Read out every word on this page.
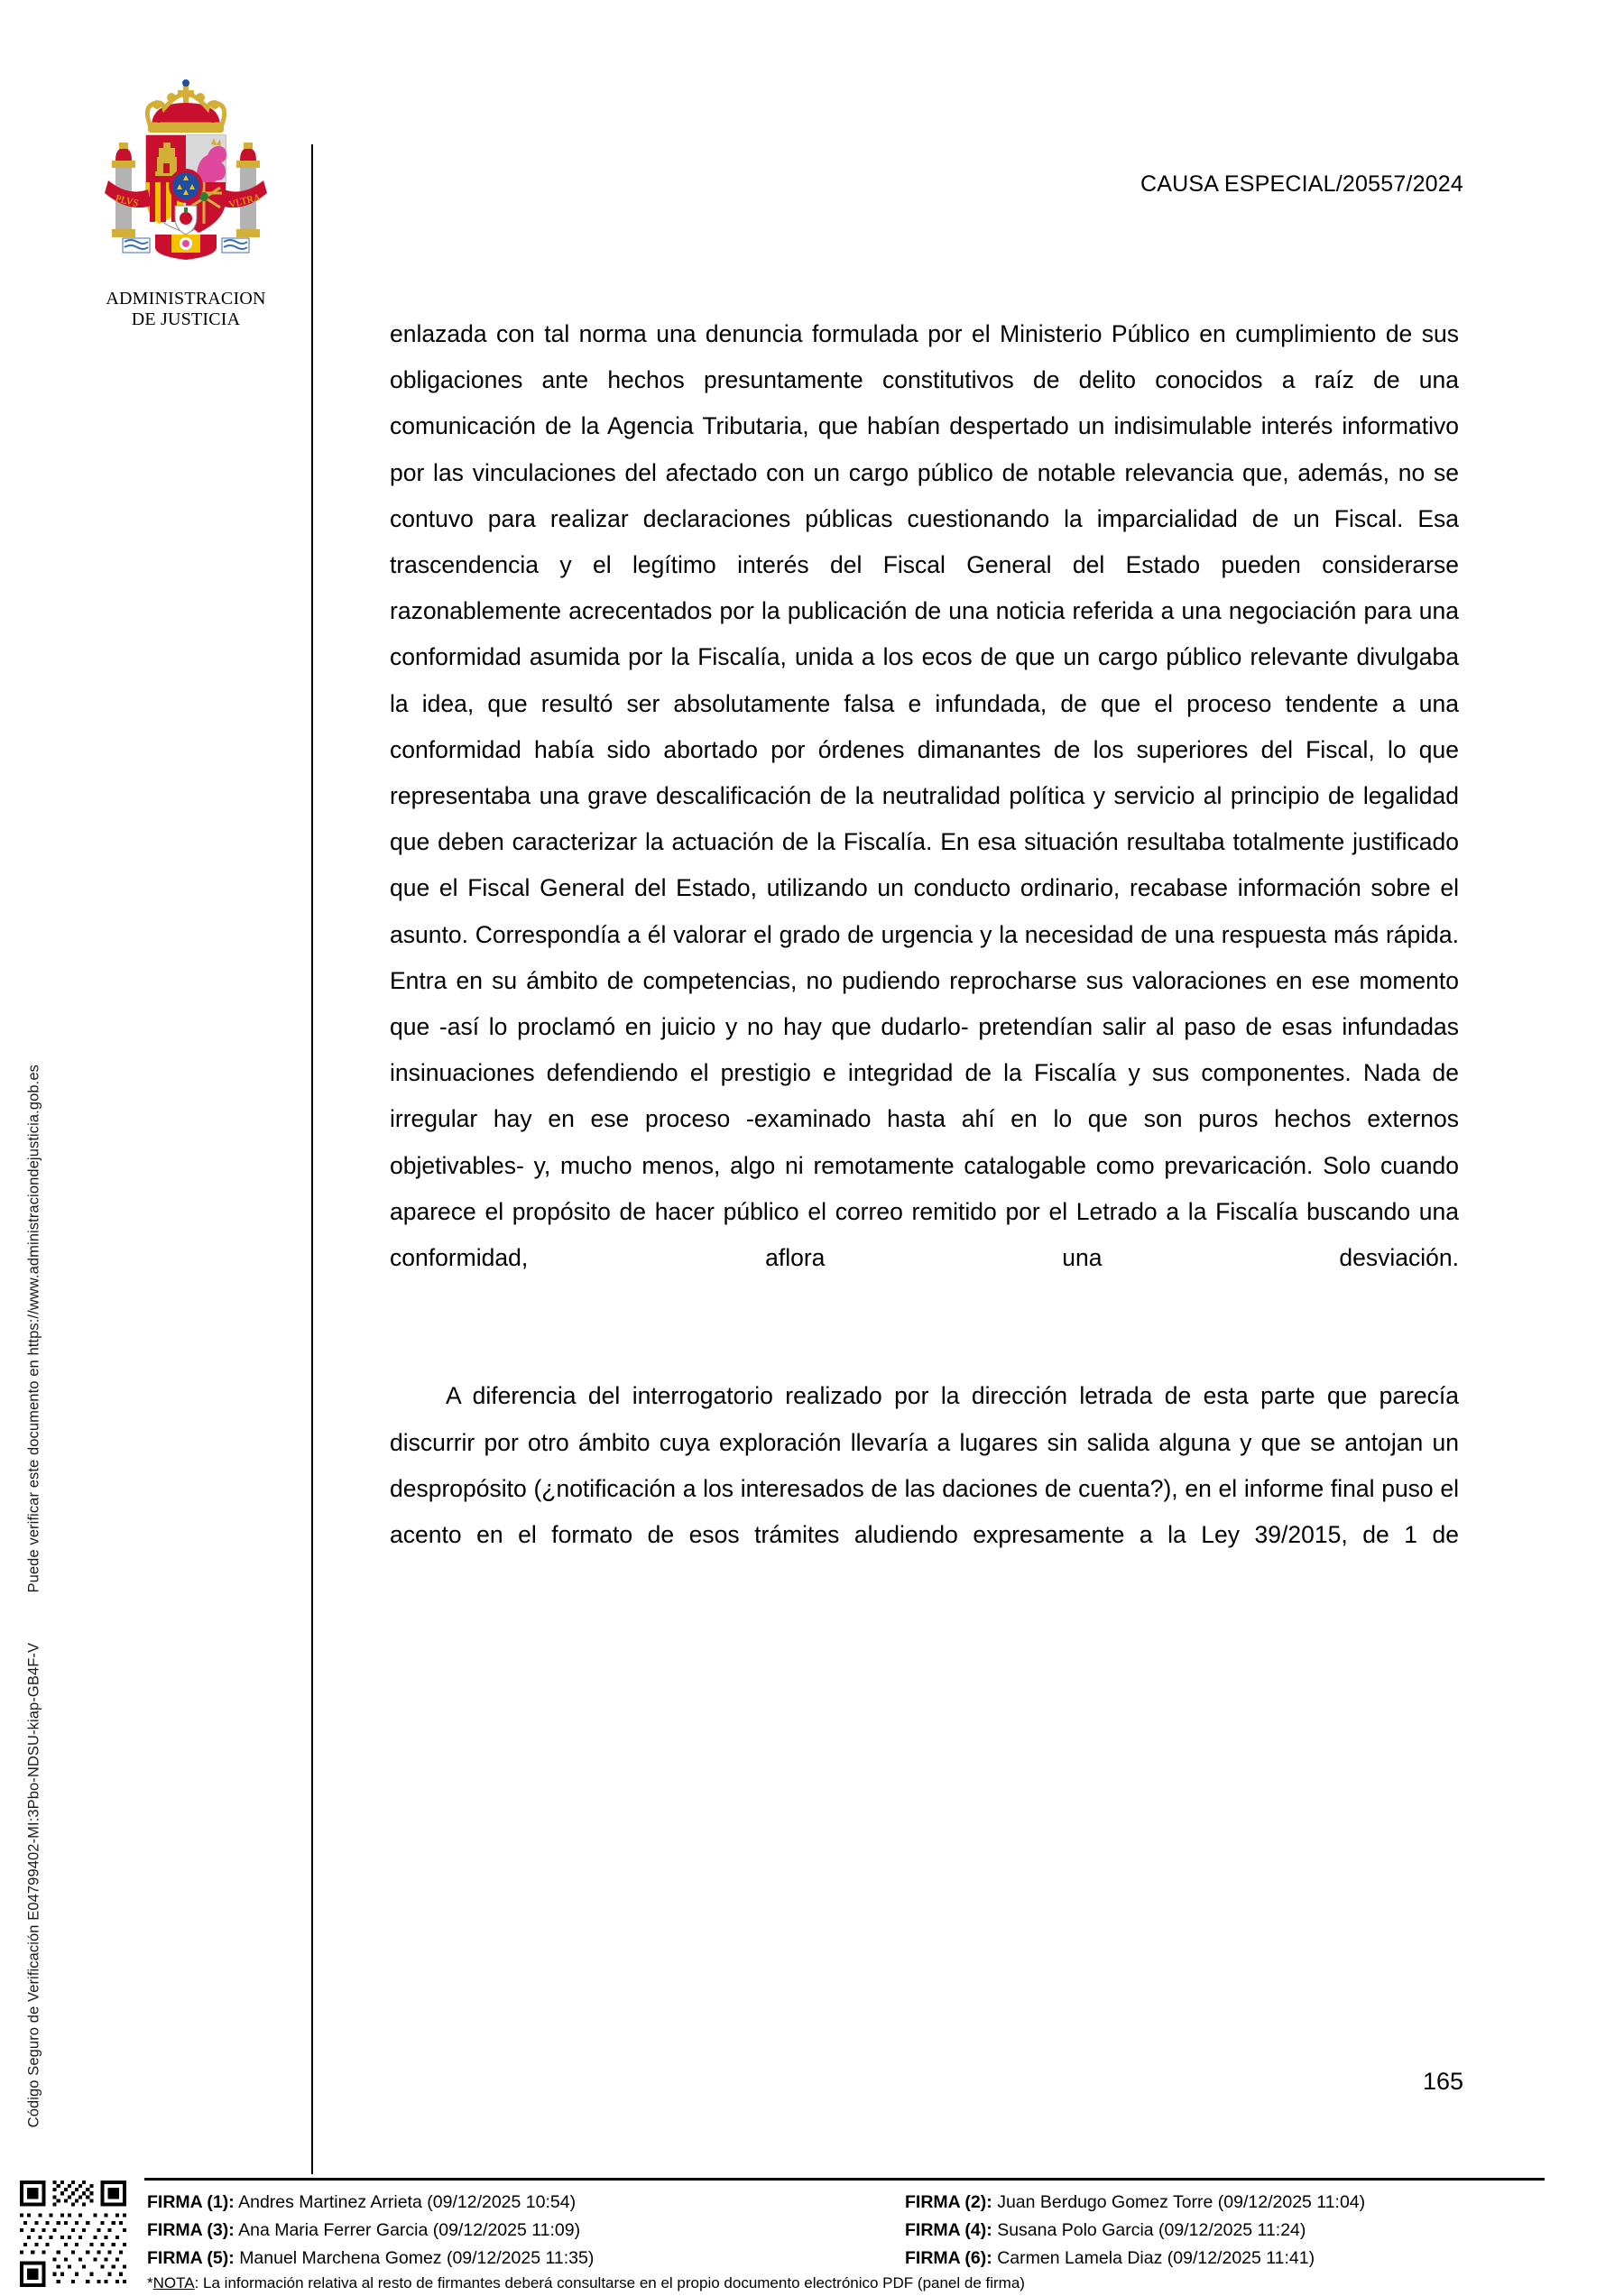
Código Seguro de Verificación E04799402-MI:3Pbo-NDSU-kiap-GB4F-V  Puede verificar este documento en https://www.administraciondejusticia.gob.es
PLVS	VLTRA
ADMINISTRACION
DE JUSTICIA
CAUSA ESPECIAL/20557/2024

enlazada con tal norma una denuncia formulada por el Ministerio Público en cumplimiento de sus obligaciones ante hechos presuntamente constitutivos de delito conocidos a raíz de una comunicación de la Agencia Tributaria, que habían despertado un indisimulable interés informativo por las vinculaciones del afectado con un cargo público de notable relevancia que, además, no se contuvo para realizar declaraciones públicas cuestionando la imparcialidad de un Fiscal. Esa trascendencia y el legítimo interés del Fiscal General del Estado pueden considerarse razonablemente acrecentados por la publicación de una noticia referida a una negociación para una conformidad asumida por la Fiscalía, unida a los ecos de que un cargo público relevante divulgaba la idea, que resultó ser absolutamente falsa e infundada, de que el proceso tendente a una conformidad había sido abortado por órdenes dimanantes de los superiores del Fiscal, lo que representaba una grave descalificación de la neutralidad política y servicio al principio de legalidad que deben caracterizar la actuación de la Fiscalía. En esa situación resultaba totalmente justificado que el Fiscal General del Estado, utilizando un conducto ordinario, recabase información sobre el asunto. Correspondía a él valorar el grado de urgencia y la necesidad de una respuesta más rápida. Entra en su ámbito de competencias, no pudiendo reprocharse sus valoraciones en ese momento que -así lo proclamó en juicio y no hay que dudarlo- pretendían salir al paso de esas infundadas insinuaciones defendiendo el prestigio e integridad de la Fiscalía y sus componentes. Nada de irregular hay en ese proceso -examinado hasta ahí en lo que son puros hechos externos objetivables- y, mucho menos, algo ni remotamente catalogable como prevaricación. Solo cuando aparece el propósito de hacer público el correo remitido por el Letrado a la Fiscalía buscando una conformidad, aflora una desviación.

A diferencia del interrogatorio realizado por la dirección letrada de esta parte que parecía discurrir por otro ámbito cuya exploración llevaría a lugares sin salida alguna y que se antojan un despropósito (¿notificación a los interesados de las daciones de cuenta?), en el informe final puso el acento en el formato de esos trámites aludiendo expresamente a la Ley 39/2015, de 1 de

165
FIRMA (1): Andres Martinez Arrieta (09/12/2025 10:54)	FIRMA (2): Juan Berdugo Gomez Torre (09/12/2025 11:04)
FIRMA (3): Ana Maria Ferrer Garcia (09/12/2025 11:09)	FIRMA (4): Susana Polo Garcia (09/12/2025 11:24)
FIRMA (5): Manuel Marchena Gomez (09/12/2025 11:35)	FIRMA (6): Carmen Lamela Diaz (09/12/2025 11:41)
*NOTA: La información relativa al resto de firmantes deberá consultarse en el propio documento electrónico PDF (panel de firma)
